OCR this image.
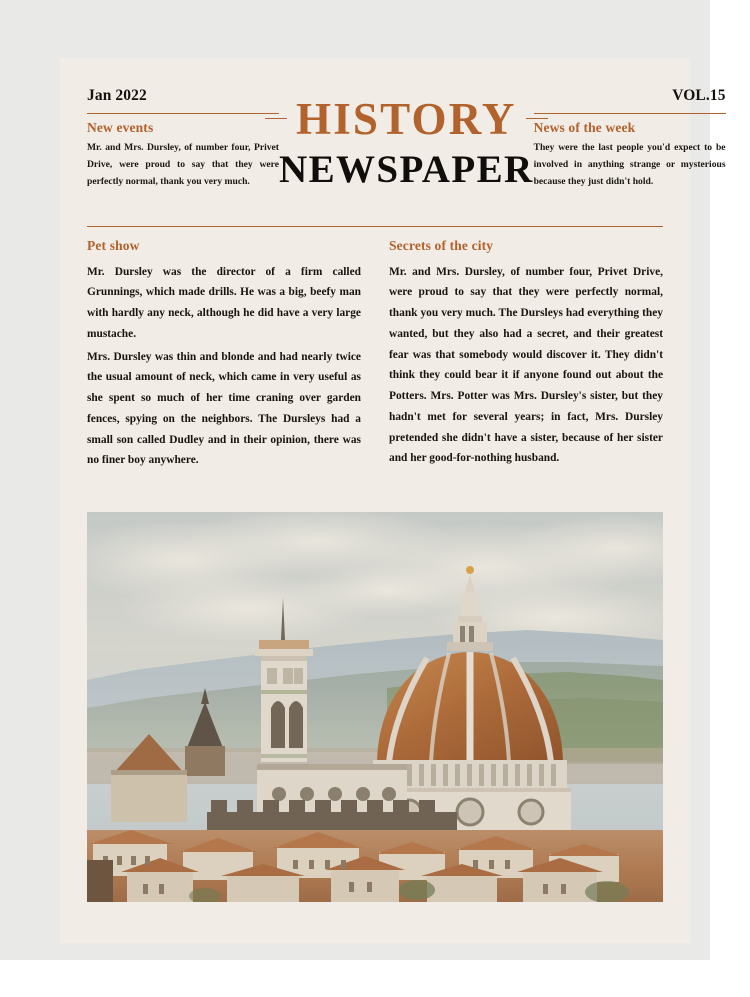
Jan 2022
New events
Mr. and Mrs. Dursley, of number four, Privet Drive, were proud to say that they were perfectly normal, thank you very much.
HISTORY
NEWSPAPER
VOL.15
News of the week
They were the last people you'd expect to be involved in anything strange or mysterious because they just didn't hold.
Pet show

Mr. Dursley was the director of a firm called Grunnings, which made drills. He was a big, beefy man with hardly any neck, although he did have a very large mustache.

Mrs. Dursley was thin and blonde and had nearly twice the usual amount of neck, which came in very useful as she spent so much of her time craning over garden fences, spying on the neighbors. The Dursleys had a small son called Dudley and in their opinion, there was no finer boy anywhere.

Secrets of the city

Mr. and Mrs. Dursley, of number four, Privet Drive, were proud to say that they were perfectly normal, thank you very much. The Dursleys had everything they wanted, but they also had a secret, and their greatest fear was that somebody would discover it. They didn't think they could bear it if anyone found out about the Potters. Mrs. Potter was Mrs. Dursley's sister, but they hadn't met for several years; in fact, Mrs. Dursley pretended she didn't have a sister, because of her sister and her good-for-nothing husband.
